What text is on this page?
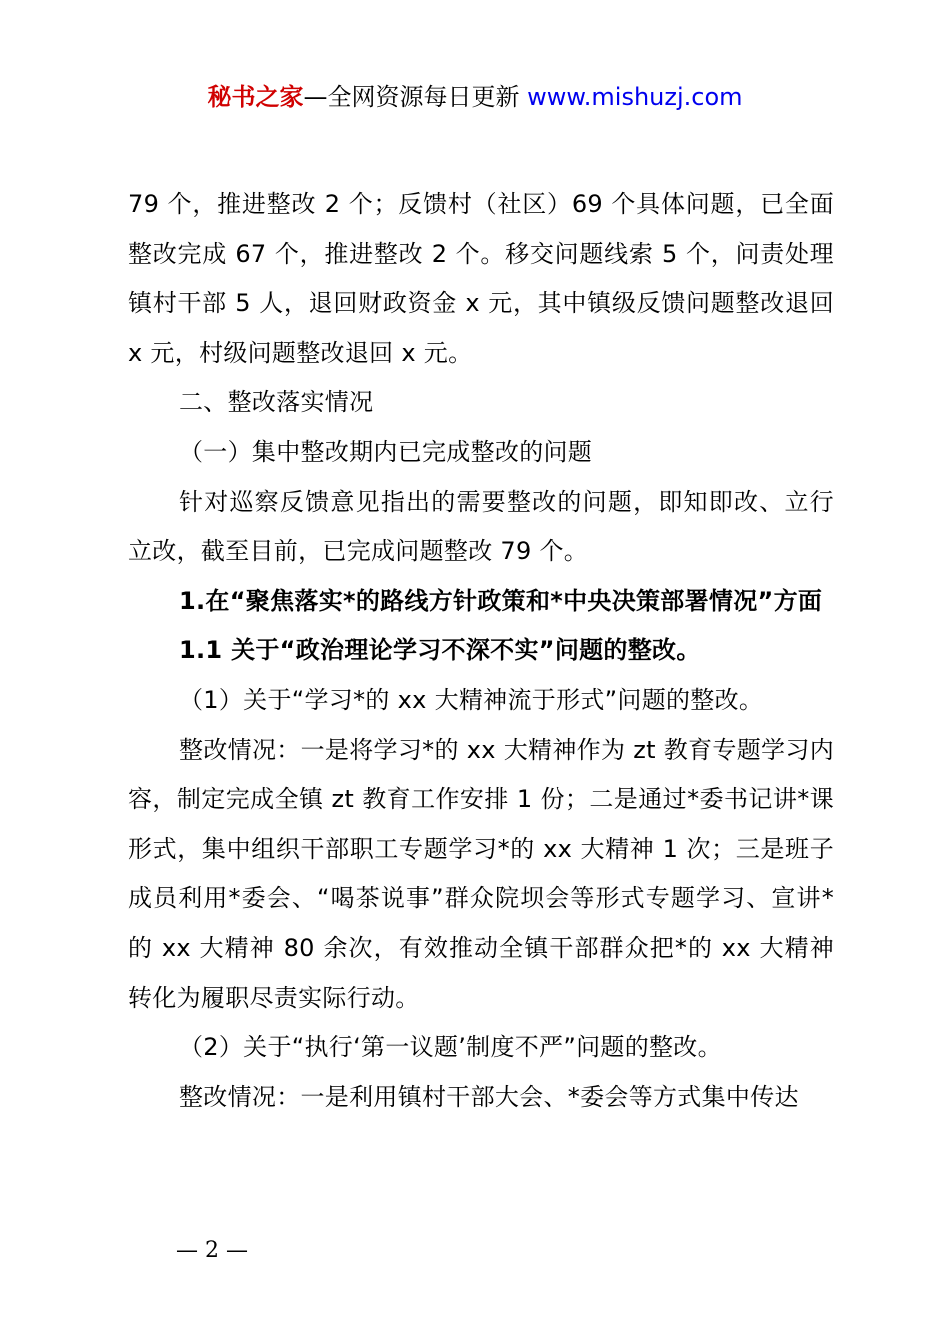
秘书之家—全网资源每日更新 www.mishuzj.com

79 个，推进整改 2 个；反馈村（社区）69 个具体问题，已全面整改完成 67 个，推进整改 2 个。移交问题线索 5 个，问责处理镇村干部 5 人，退回财政资金 x 元，其中镇级反馈问题整改退回 x 元，村级问题整改退回 x 元。

二、整改落实情况

（一）集中整改期内已完成整改的问题

针对巡察反馈意见指出的需要整改的问题，即知即改、立行立改，截至目前，已完成问题整改 79 个。

1.在“聚焦落实*的路线方针政策和*中央决策部署情况”方面

1.1 关于“政治理论学习不深不实”问题的整改。

（1）关于“学习*的 xx 大精神流于形式”问题的整改。

整改情况：一是将学习*的 xx 大精神作为 zt 教育专题学习内容，制定完成全镇 zt 教育工作安排 1 份；二是通过*委书记讲*课形式，集中组织干部职工专题学习*的 xx 大精神 1 次；三是班子成员利用*委会、“喝茶说事”群众院坝会等形式专题学习、宣讲*的 xx 大精神 80 余次，有效推动全镇干部群众把*的 xx 大精神转化为履职尽责实际行动。

（2）关于“执行‘第一议题’制度不严”问题的整改。

整改情况：一是利用镇村干部大会、*委会等方式集中传达

— 2 —
